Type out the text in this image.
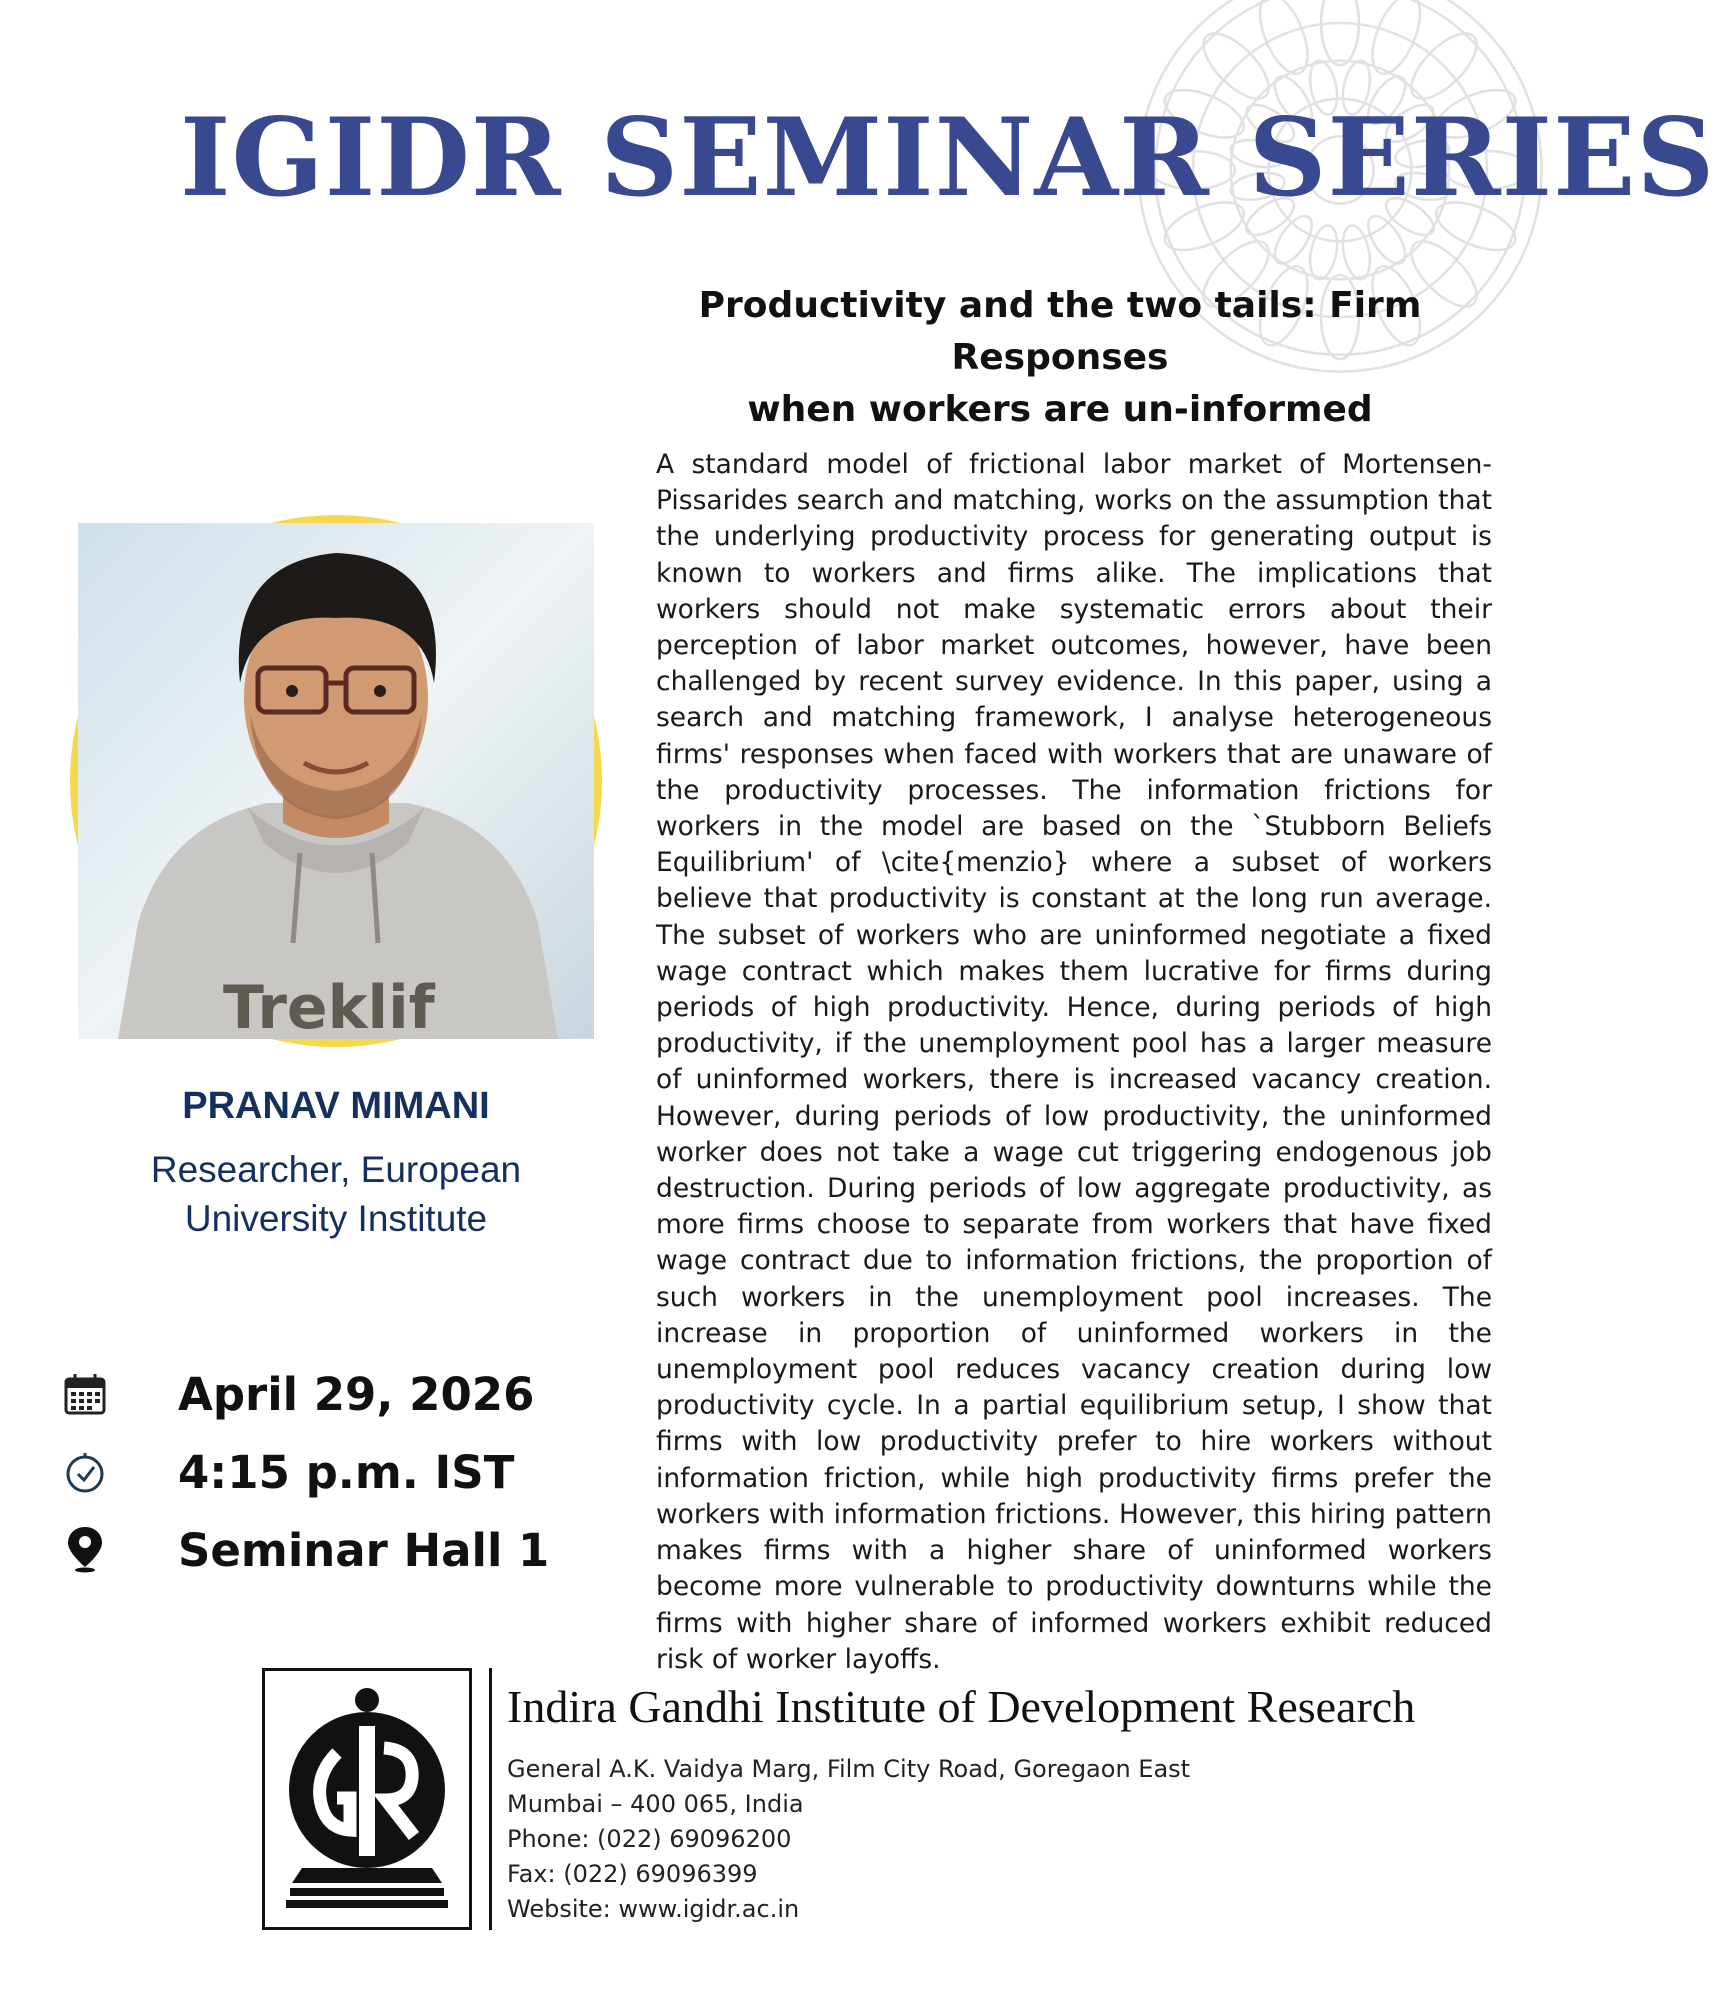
IGIDR SEMINAR SERIES
Productivity and the two tails: Firm Responses
when workers are un-informed
A standard model of frictional labor market of Mortensen-Pissarides search and matching, works on the assumption that the underlying productivity process for generating output is known to workers and firms alike. The implications that workers should not make systematic errors about their perception of labor market outcomes, however, have been challenged by recent survey evidence. In this paper, using a search and matching framework, I analyse heterogeneous firms' responses when faced with workers that are unaware of the productivity processes. The information frictions for workers in the model are based on the `Stubborn Beliefs Equilibrium' of \cite{menzio} where a subset of workers believe that productivity is constant at the long run average. The subset of workers who are uninformed negotiate a fixed wage contract which makes them lucrative for firms during periods of high productivity. Hence, during periods of high productivity, if the unemployment pool has a larger measure of uninformed workers, there is increased vacancy creation. However, during periods of low productivity, the uninformed worker does not take a wage cut triggering endogenous job destruction. During periods of low aggregate productivity, as more firms choose to separate from workers that have fixed wage contract due to information frictions, the proportion of such workers in the unemployment pool increases. The increase in proportion of uninformed workers in the unemployment pool reduces vacancy creation during low productivity cycle. In a partial equilibrium setup, I show that firms with low productivity prefer to hire workers without information friction, while high productivity firms prefer the workers with information frictions. However, this hiring pattern makes firms with a higher share of uninformed workers become more vulnerable to productivity downturns while the firms with higher share of informed workers exhibit reduced risk of worker layoffs.
Treklif
PRANAV MIMANI
Researcher, European
University Institute
April 29, 2026
4:15 p.m. IST
Seminar Hall 1
Indira Gandhi Institute of Development Research
General A.K. Vaidya Marg, Film City Road, Goregaon East
Mumbai – 400 065, India
Phone: (022) 69096200
Fax: (022) 69096399
Website: www.igidr.ac.in
